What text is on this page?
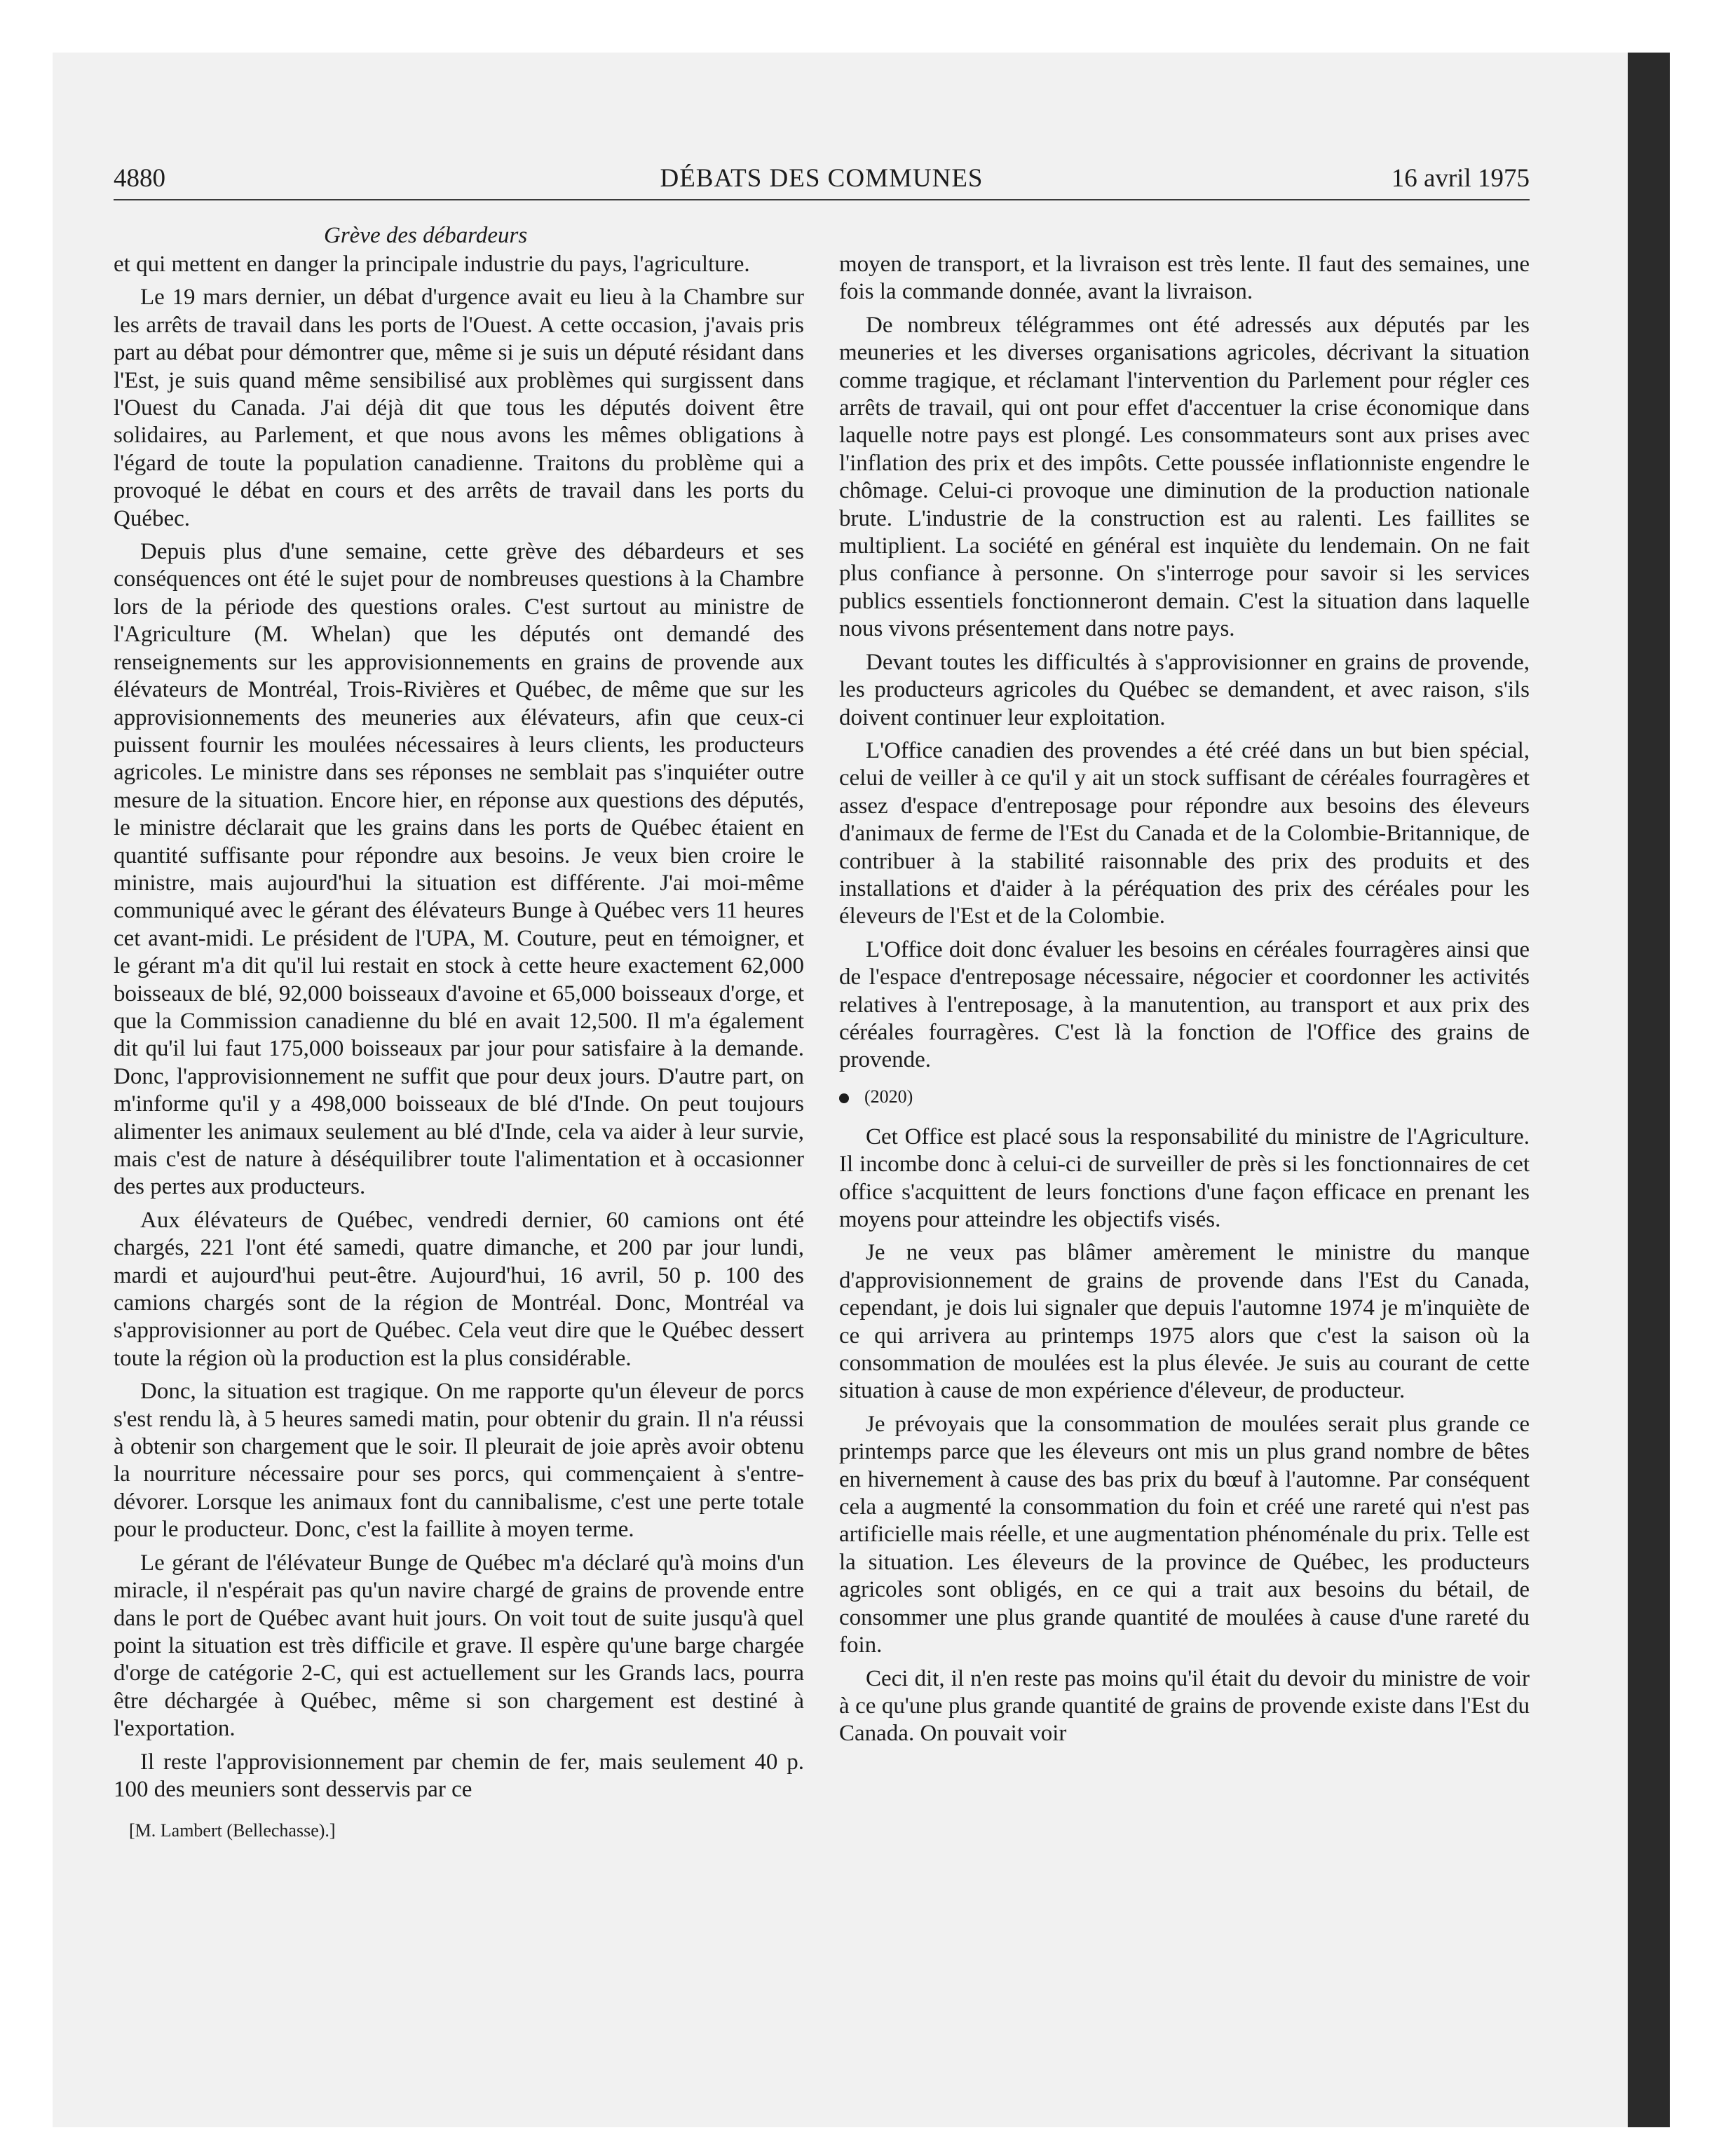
4880	DÉBATS DES COMMUNES	16 avril 1975
Grève des débardeurs

et qui mettent en danger la principale industrie du pays, l'agriculture.

Le 19 mars dernier, un débat d'urgence avait eu lieu à la Chambre sur les arrêts de travail dans les ports de l'Ouest. A cette occasion, j'avais pris part au débat pour démontrer que, même si je suis un député résidant dans l'Est, je suis quand même sensibilisé aux problèmes qui surgissent dans l'Ouest du Canada. J'ai déjà dit que tous les députés doivent être solidaires, au Parlement, et que nous avons les mêmes obligations à l'égard de toute la population canadienne. Traitons du problème qui a provoqué le débat en cours et des arrêts de travail dans les ports du Québec.

Depuis plus d'une semaine, cette grève des débardeurs et ses conséquences ont été le sujet pour de nombreuses questions à la Chambre lors de la période des questions orales. C'est surtout au ministre de l'Agriculture (M. Whelan) que les députés ont demandé des renseignements sur les approvisionnements en grains de provende aux élévateurs de Montréal, Trois-Rivières et Québec, de même que sur les approvisionnements des meuneries aux élévateurs, afin que ceux-ci puissent fournir les moulées nécessaires à leurs clients, les producteurs agricoles. Le ministre dans ses réponses ne semblait pas s'inquiéter outre mesure de la situation. Encore hier, en réponse aux questions des députés, le ministre déclarait que les grains dans les ports de Québec étaient en quantité suffisante pour répondre aux besoins. Je veux bien croire le ministre, mais aujourd'hui la situation est différente. J'ai moi-même communiqué avec le gérant des élévateurs Bunge à Québec vers 11 heures cet avant-midi. Le président de l'UPA, M. Couture, peut en témoigner, et le gérant m'a dit qu'il lui restait en stock à cette heure exactement 62,000 boisseaux de blé, 92,000 boisseaux d'avoine et 65,000 boisseaux d'orge, et que la Commission canadienne du blé en avait 12,500. Il m'a également dit qu'il lui faut 175,000 boisseaux par jour pour satisfaire à la demande. Donc, l'approvisionnement ne suffit que pour deux jours. D'autre part, on m'informe qu'il y a 498,000 boisseaux de blé d'Inde. On peut toujours alimenter les animaux seulement au blé d'Inde, cela va aider à leur survie, mais c'est de nature à déséquilibrer toute l'alimentation et à occasionner des pertes aux producteurs.

Aux élévateurs de Québec, vendredi dernier, 60 camions ont été chargés, 221 l'ont été samedi, quatre dimanche, et 200 par jour lundi, mardi et aujourd'hui peut-être. Aujourd'hui, 16 avril, 50 p. 100 des camions chargés sont de la région de Montréal. Donc, Montréal va s'approvisionner au port de Québec. Cela veut dire que le Québec dessert toute la région où la production est la plus considérable.

Donc, la situation est tragique. On me rapporte qu'un éleveur de porcs s'est rendu là, à 5 heures samedi matin, pour obtenir du grain. Il n'a réussi à obtenir son chargement que le soir. Il pleurait de joie après avoir obtenu la nourriture nécessaire pour ses porcs, qui commençaient à s'entre-dévorer. Lorsque les animaux font du cannibalisme, c'est une perte totale pour le producteur. Donc, c'est la faillite à moyen terme.

Le gérant de l'élévateur Bunge de Québec m'a déclaré qu'à moins d'un miracle, il n'espérait pas qu'un navire chargé de grains de provende entre dans le port de Québec avant huit jours. On voit tout de suite jusqu'à quel point la situation est très difficile et grave. Il espère qu'une barge chargée d'orge de catégorie 2-C, qui est actuellement sur les Grands lacs, pourra être déchargée à Québec, même si son chargement est destiné à l'exportation.

Il reste l'approvisionnement par chemin de fer, mais seulement 40 p. 100 des meuniers sont desservis par ce

[M. Lambert (Bellechasse).]

moyen de transport, et la livraison est très lente. Il faut des semaines, une fois la commande donnée, avant la livraison.

De nombreux télégrammes ont été adressés aux députés par les meuneries et les diverses organisations agricoles, décrivant la situation comme tragique, et réclamant l'intervention du Parlement pour régler ces arrêts de travail, qui ont pour effet d'accentuer la crise économique dans laquelle notre pays est plongé. Les consommateurs sont aux prises avec l'inflation des prix et des impôts. Cette poussée inflationniste engendre le chômage. Celui-ci provoque une diminution de la production nationale brute. L'industrie de la construction est au ralenti. Les faillites se multiplient. La société en général est inquiète du lendemain. On ne fait plus confiance à personne. On s'interroge pour savoir si les services publics essentiels fonctionneront demain. C'est la situation dans laquelle nous vivons présentement dans notre pays.

Devant toutes les difficultés à s'approvisionner en grains de provende, les producteurs agricoles du Québec se demandent, et avec raison, s'ils doivent continuer leur exploitation.

L'Office canadien des provendes a été créé dans un but bien spécial, celui de veiller à ce qu'il y ait un stock suffisant de céréales fourragères et assez d'espace d'entreposage pour répondre aux besoins des éleveurs d'animaux de ferme de l'Est du Canada et de la Colombie-Britannique, de contribuer à la stabilité raisonnable des prix des produits et des installations et d'aider à la péréquation des prix des céréales pour les éleveurs de l'Est et de la Colombie.

L'Office doit donc évaluer les besoins en céréales fourragères ainsi que de l'espace d'entreposage nécessaire, négocier et coordonner les activités relatives à l'entreposage, à la manutention, au transport et aux prix des céréales fourragères. C'est là la fonction de l'Office des grains de provende.

(2020)

Cet Office est placé sous la responsabilité du ministre de l'Agriculture. Il incombe donc à celui-ci de surveiller de près si les fonctionnaires de cet office s'acquittent de leurs fonctions d'une façon efficace en prenant les moyens pour atteindre les objectifs visés.

Je ne veux pas blâmer amèrement le ministre du manque d'approvisionnement de grains de provende dans l'Est du Canada, cependant, je dois lui signaler que depuis l'automne 1974 je m'inquiète de ce qui arrivera au printemps 1975 alors que c'est la saison où la consommation de moulées est la plus élevée. Je suis au courant de cette situation à cause de mon expérience d'éleveur, de producteur.

Je prévoyais que la consommation de moulées serait plus grande ce printemps parce que les éleveurs ont mis un plus grand nombre de bêtes en hivernement à cause des bas prix du bœuf à l'automne. Par conséquent cela a augmenté la consommation du foin et créé une rareté qui n'est pas artificielle mais réelle, et une augmentation phénoménale du prix. Telle est la situation. Les éleveurs de la province de Québec, les producteurs agricoles sont obligés, en ce qui a trait aux besoins du bétail, de consommer une plus grande quantité de moulées à cause d'une rareté du foin.

Ceci dit, il n'en reste pas moins qu'il était du devoir du ministre de voir à ce qu'une plus grande quantité de grains de provende existe dans l'Est du Canada. On pouvait voir
